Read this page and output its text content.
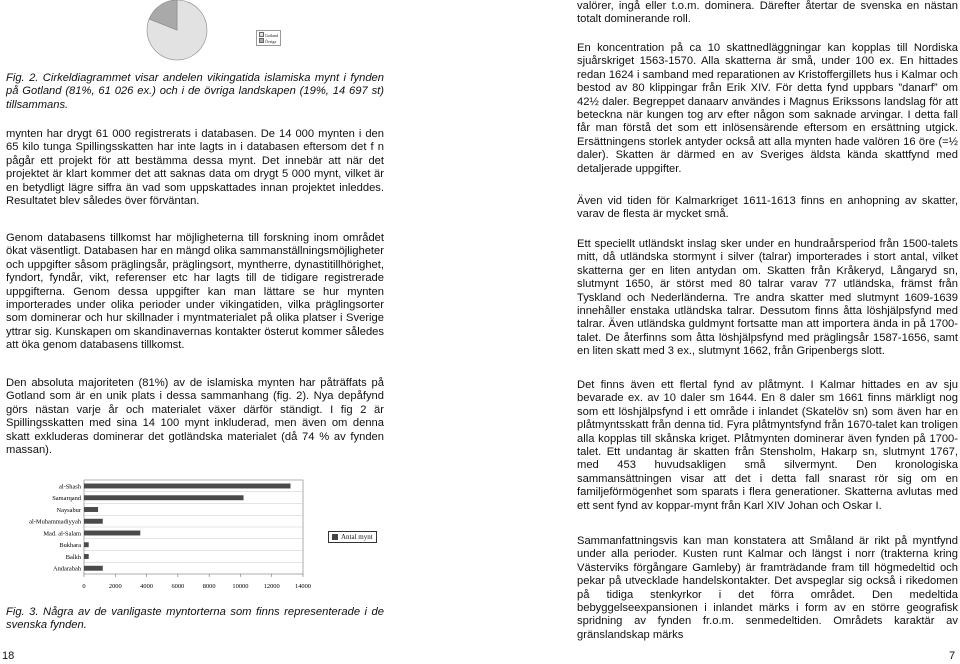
Gotland
Övriga

Fig. 2. Cirkeldiagrammet visar andelen vikingatida islamiska mynt i fynden på Gotland (81%, 61 026 ex.) och i de övriga landskapen (19%, 14 697 st) tillsammans.

mynten har drygt 61 000 registrerats i databasen. De 14 000 mynten i den 65 kilo tunga Spillingsskatten har inte lagts in i databasen eftersom det f n pågår ett projekt för att bestämma dessa mynt. Det innebär att när det projektet är klart kommer det att saknas data om drygt 5 000 mynt, vilket är en betydligt lägre siffra än vad som uppskattades innan projektet inleddes. Resultatet blev således över förväntan.

Genom databasens tillkomst har möjligheterna till forskning inom området ökat väsentligt. Databasen har en mängd olika sammanställningsmöjligheter och uppgifter såsom präglingsår, präglingsort, myntherre, dynastitillhörighet, fyndort, fyndår, vikt, referenser etc har lagts till de tidigare registrerade uppgifterna. Genom dessa uppgifter kan man lättare se hur mynten importerades under olika perioder under vikingatiden, vilka präglingsorter som dominerar och hur skillnader i myntmaterialet på olika platser i Sverige yttrar sig. Kunskapen om skandinavernas kontakter österut kommer således att öka genom databasens tillkomst.

Den absoluta majoriteten (81%) av de islamiska mynten har påträffats på Gotland som är en unik plats i dessa sammanhang (fig. 2). Nya depåfynd görs nästan varje år och materialet växer därför ständigt. I fig 2 är Spillingsskatten med sina 14 100 mynt inkluderad, men även om denna skatt exkluderas dominerar det gotländska materialet (då 74 % av fynden massan).

Fig. 3. Några av de vanligaste myntorterna som finns representerade i de svenska fynden.

al-Shash
Samarqand
Naysabur
al-Muhammadiyyah
Mad. al-Salam
Bukhara
Balkh
Andarabah
0	2000	4000	6000	8000	10000 12000 14000
Antal mynt
18

valörer, ingå eller t.o.m. dominera. Därefter återtar de svenska en nästan totalt dominerande roll.

En koncentration på ca 10 skattnedläggningar kan kopplas till Nordiska sjuårskriget 1563-1570. Alla skatterna är små, under 100 ex. En hittades redan 1624 i samband med reparationen av Kristoffergillets hus i Kalmar och bestod av 80 klippingar från Erik XIV. För detta fynd uppbars ”danarf” om 42½ daler. Begreppet danaarv användes i Magnus Erikssons landslag för att beteckna när kungen tog arv efter någon som saknade arvingar. I detta fall får man förstå det som ett inlösensärende eftersom en ersättning utgick. Ersättningens storlek antyder också att alla mynten hade valören 16 öre (=½ daler). Skatten är därmed en av Sveriges äldsta kända skattfynd med detaljerade uppgifter.

Även vid tiden för Kalmarkriget 1611-1613 finns en anhopning av skatter, varav de flesta är mycket små.

Ett speciellt utländskt inslag sker under en hundraårsperiod från 1500-talets mitt, då utländska stormynt i silver (talrar) importerades i stort antal, vilket skatterna ger en liten antydan om. Skatten från Kråkeryd, Långaryd sn, slutmynt 1650, är störst med 80 talrar varav 77 utländska, främst från Tyskland och Nederländerna. Tre andra skatter med slutmynt 1609-1639 innehåller enstaka utländska talrar. Dessutom finns åtta löshjälpsfynd med talrar. Även utländska guldmynt fortsatte man att importera ända in på 1700-talet. De återfinns som åtta löshjälpsfynd med präglingsår 1587-1656, samt en liten skatt med 3 ex., slutmynt 1662, från Gripenbergs slott.

Det finns även ett flertal fynd av plåtmynt. I Kalmar hittades en av sju bevarade ex. av 10 daler sm 1644. En 8 daler sm 1661 finns märkligt nog som ett löshjälpsfynd i ett område i inlandet (Skatelöv sn) som även har en plåtmyntsskatt från denna tid. Fyra plåtmyntsfynd från 1670-talet kan troligen alla kopplas till skånska kriget. Plåtmynten dominerar även fynden på 1700-talet. Ett undantag är skatten från Stensholm, Hakarp sn, slutmynt 1767, med 453 huvudsakligen små silvermynt. Den kronologiska sammansättningen visar att det i detta fall snarast rör sig om en familjeförmögenhet som sparats i flera generationer. Skatterna avlutas med ett sent fynd av koppar-mynt från Karl XIV Johan och Oskar I.

Sammanfattningsvis kan man konstatera att Småland är rikt på myntfynd under alla perioder. Kusten runt Kalmar och längst i norr (trakterna kring Västerviks förgångare Gamleby) är framträdande fram till högmedeltid och pekar på utvecklade handelskontakter. Det avspeglar sig också i rikedomen på tidiga stenkyrkor i det förra området. Den medeltida bebyggelseexpansionen i inlandet märks i form av en större geografisk spridning av fynden fr.o.m. senmedeltiden. Områdets karaktär av gränslandskap märks

7
